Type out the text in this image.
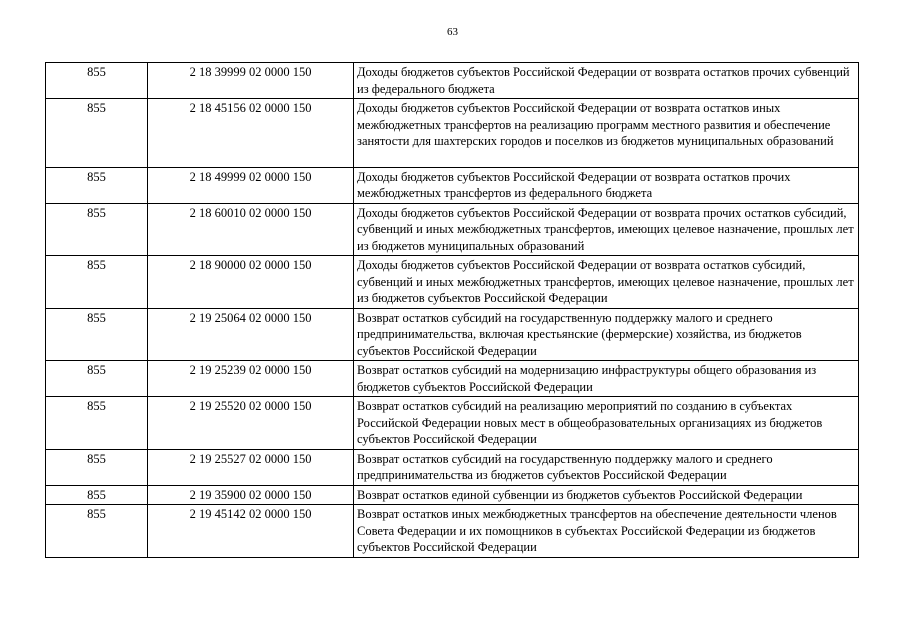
63
855	2 18 39999 02 0000 150	Доходы бюджетов субъектов Российской Федерации от возврата остатков прочих субвенций из федерального бюджета
855	2 18 45156 02 0000 150	Доходы бюджетов субъектов Российской Федерации от возврата остатков иных межбюджетных трансфертов на реализацию программ местного развития и обеспечение занятости для шахтерских городов и поселков из бюджетов муниципальных образований
855	2 18 49999 02 0000 150	Доходы бюджетов субъектов Российской Федерации от возврата остатков прочих межбюджетных трансфертов из федерального бюджета
855	2 18 60010 02 0000 150	Доходы бюджетов субъектов Российской Федерации от возврата прочих остатков субсидий, субвенций и иных межбюджетных трансфертов, имеющих целевое назначение, прошлых лет из бюджетов муниципальных образований
855	2 18 90000 02 0000 150	Доходы бюджетов субъектов Российской Федерации от возврата остатков субсидий, субвенций и иных межбюджетных трансфертов, имеющих целевое назначение, прошлых лет из бюджетов субъектов Российской Федерации
855	2 19 25064 02 0000 150	Возврат остатков субсидий на государственную поддержку малого и среднего предпринимательства, включая крестьянские (фермерские) хозяйства, из бюджетов субъектов Российской Федерации
855	2 19 25239 02 0000 150	Возврат остатков субсидий на модернизацию инфраструктуры общего образования из бюджетов субъектов Российской Федерации
855	2 19 25520 02 0000 150	Возврат остатков субсидий на реализацию мероприятий по созданию в субъектах Российской Федерации новых мест в общеобразовательных организациях из бюджетов субъектов Российской Федерации
855	2 19 25527 02 0000 150	Возврат остатков субсидий на государственную поддержку малого и среднего предпринимательства из бюджетов субъектов Российской Федерации
855	2 19 35900 02 0000 150	Возврат остатков единой субвенции из бюджетов субъектов Российской Федерации
855	2 19 45142 02 0000 150	Возврат остатков иных межбюджетных трансфертов на обеспечение деятельности членов Совета Федерации и их помощников в субъектах Российской Федерации из бюджетов субъектов Российской Федерации
